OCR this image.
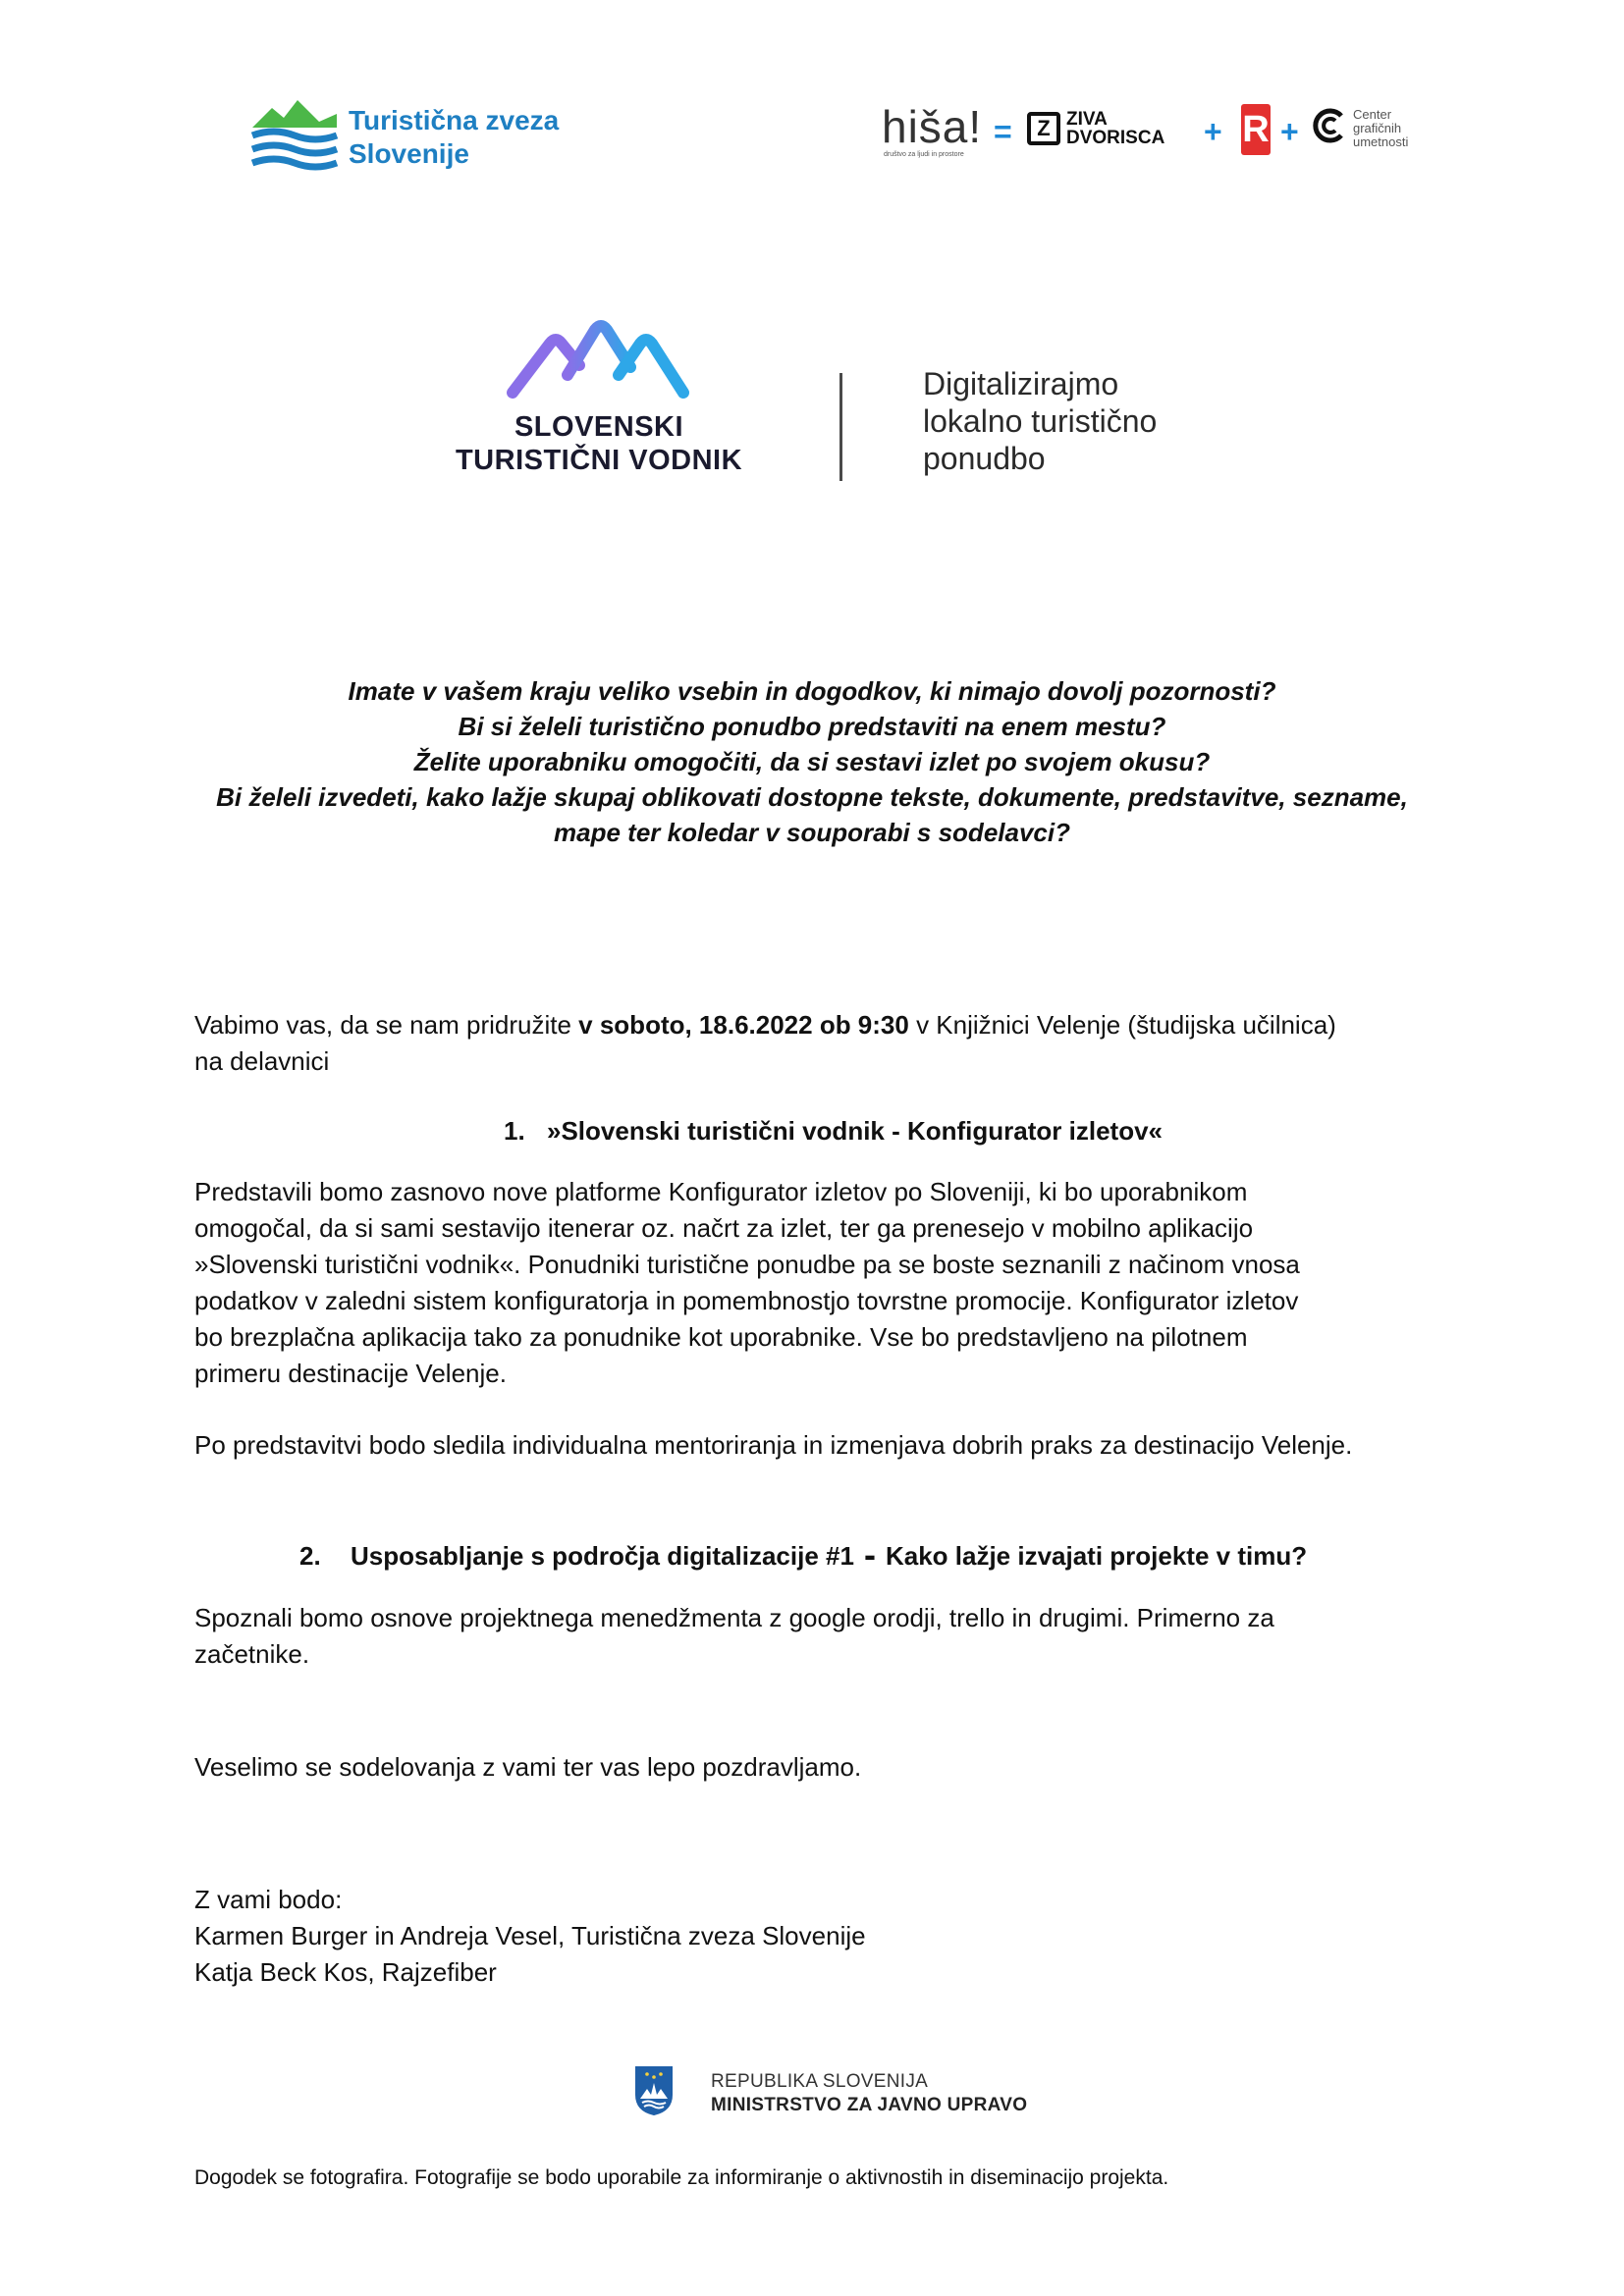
Turistična zveza
Slovenije
hiša!
društvo za ljudi in prostore
=	Z ZIVA
DVORISCA + R +	Center
grafičnih
umetnosti
SLOVENSKI
TURISTIČNI VODNIK
Digitalizirajmo
lokalno turistično
ponudbo
Imate v vašem kraju veliko vsebin in dogodkov, ki nimajo dovolj pozornosti?
Bi si želeli turistično ponudbo predstaviti na enem mestu?
Želite uporabniku omogočiti, da si sestavi izlet po svojem okusu?
Bi želeli izvedeti, kako lažje skupaj oblikovati dostopne tekste, dokumente, predstavitve, sezname,
mape ter koledar v souporabi s sodelavci?
Vabimo vas, da se nam pridružite v soboto, 18.6.2022 ob 9:30 v Knjižnici Velenje (študijska učilnica)
na delavnici
1. »Slovenski turistični vodnik - Konfigurator izletov«
Predstavili bomo zasnovo nove platforme Konfigurator izletov po Sloveniji, ki bo uporabnikom
omogočal, da si sami sestavijo itenerar oz. načrt za izlet, ter ga prenesejo v mobilno aplikacijo
»Slovenski turistični vodnik«. Ponudniki turistične ponudbe pa se boste seznanili z načinom vnosa
podatkov v zaledni sistem konfiguratorja in pomembnostjo tovrstne promocije. Konfigurator izletov
bo brezplačna aplikacija tako za ponudnike kot uporabnike. Vse bo predstavljeno na pilotnem
primeru destinacije Velenje.
Po predstavitvi bodo sledila individualna mentoriranja in izmenjava dobrih praks za destinacijo Velenje.
2. Usposabljanje s področja digitalizacije #1 - Kako lažje izvajati projekte v timu?
Spoznali bomo osnove projektnega menedžmenta z google orodji, trello in drugimi. Primerno za
začetnike.
Veselimo se sodelovanja z vami ter vas lepo pozdravljamo.
Z vami bodo:
Karmen Burger in Andreja Vesel, Turistična zveza Slovenije
Katja Beck Kos, Rajzefiber
REPUBLIKA SLOVENIJA
MINISTRSTVO ZA JAVNO UPRAVO
Dogodek se fotografira. Fotografije se bodo uporabile za informiranje o aktivnostih in diseminacijo projekta.
